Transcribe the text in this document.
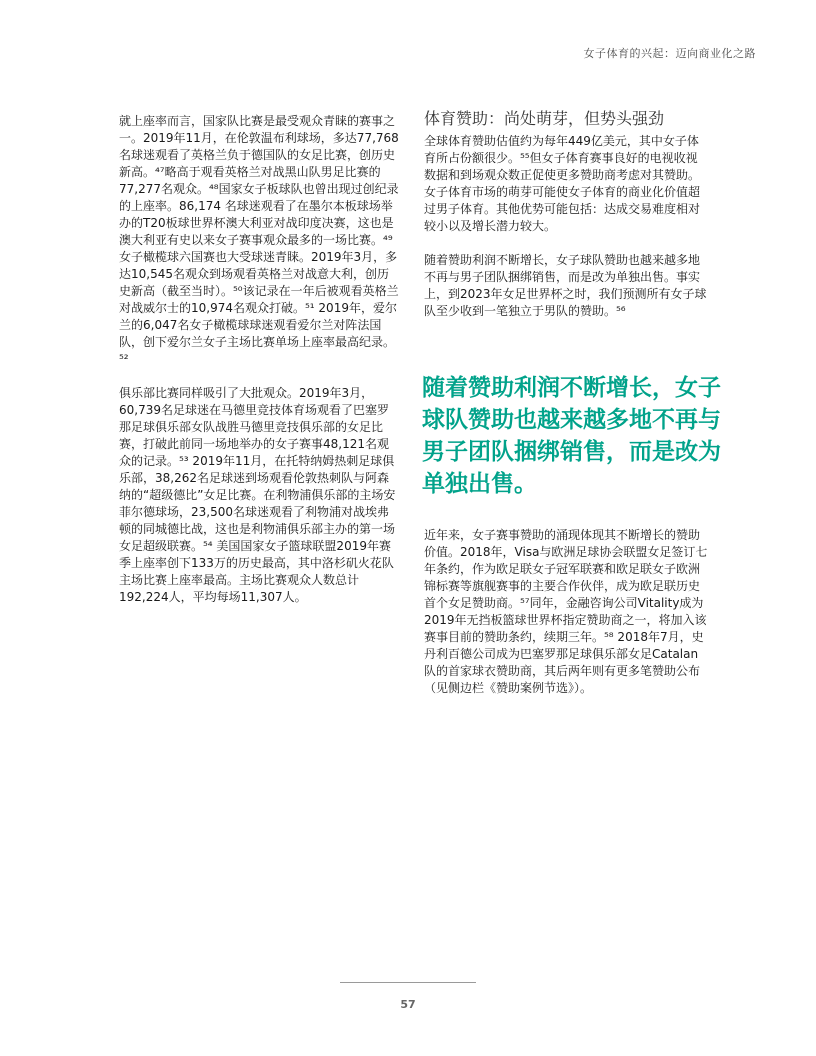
女子体育的兴起：迈向商业化之路

就上座率而言，国家队比赛是最受观众青睐的赛事之一。2019年11月，在伦敦温布利球场，多达77,768名球迷观看了英格兰负于德国队的女足比赛，创历史新高。⁴⁷略高于观看英格兰对战黑山队男足比赛的77,277名观众。⁴⁸国家女子板球队也曾出现过创纪录的上座率。86,174 名球迷观看了在墨尔本板球场举办的T20板球世界杯澳大利亚对战印度决赛，这也是澳大利亚有史以来女子赛事观众最多的一场比赛。⁴⁹女子橄榄球六国赛也大受球迷青睐。2019年3月，多达10,545名观众到场观看英格兰对战意大利，创历史新高（截至当时）。⁵⁰该记录在一年后被观看英格兰对战威尔士的10,974名观众打破。⁵¹ 2019年，爱尔兰的6,047名女子橄榄球球迷观看爱尔兰对阵法国队，创下爱尔兰女子主场比赛单场上座率最高纪录。⁵²

俱乐部比赛同样吸引了大批观众。2019年3月，60,739名足球迷在马德里竞技体育场观看了巴塞罗那足球俱乐部女队战胜马德里竞技俱乐部的女足比赛，打破此前同一场地举办的女子赛事48,121名观众的记录。⁵³ 2019年11月，在托特纳姆热刺足球俱乐部，38,262名足球迷到场观看伦敦热刺队与阿森纳的“超级德比”女足比赛。在利物浦俱乐部的主场安菲尔德球场，23,500名球迷观看了利物浦对战埃弗顿的同城德比战，这也是利物浦俱乐部主办的第一场女足超级联赛。⁵⁴ 美国国家女子篮球联盟2019年赛季上座率创下133万的历史最高，其中洛杉矶火花队主场比赛上座率最高。主场比赛观众人数总计192,224人，平均每场11,307人。

体育赞助：尚处萌芽，但势头强劲

全球体育赞助估值约为每年449亿美元，其中女子体育所占份额很少。⁵⁵但女子体育赛事良好的电视收视数据和到场观众数正促使更多赞助商考虑对其赞助。女子体育市场的萌芽可能使女子体育的商业化价值超过男子体育。其他优势可能包括：达成交易难度相对较小以及增长潜力较大。

随着赞助利润不断增长，女子球队赞助也越来越多地不再与男子团队捆绑销售，而是改为单独出售。事实上，到2023年女足世界杯之时，我们预测所有女子球队至少收到一笔独立于男队的赞助。⁵⁶

随着赞助利润不断增长，女子球队赞助也越来越多地不再与男子团队捆绑销售，而是改为单独出售。

近年来，女子赛事赞助的涌现体现其不断增长的赞助价值。2018年，Visa与欧洲足球协会联盟女足签订七年条约，作为欧足联女子冠军联赛和欧足联女子欧洲锦标赛等旗舰赛事的主要合作伙伴，成为欧足联历史首个女足赞助商。⁵⁷同年，金融咨询公司Vitality成为2019年无挡板篮球世界杯指定赞助商之一，将加入该赛事目前的赞助条约，续期三年。⁵⁸ 2018年7月，史丹利百德公司成为巴塞罗那足球俱乐部女足Catalan 队的首家球衣赞助商，其后两年则有更多笔赞助公布（见侧边栏《赞助案例节选》）。

57
